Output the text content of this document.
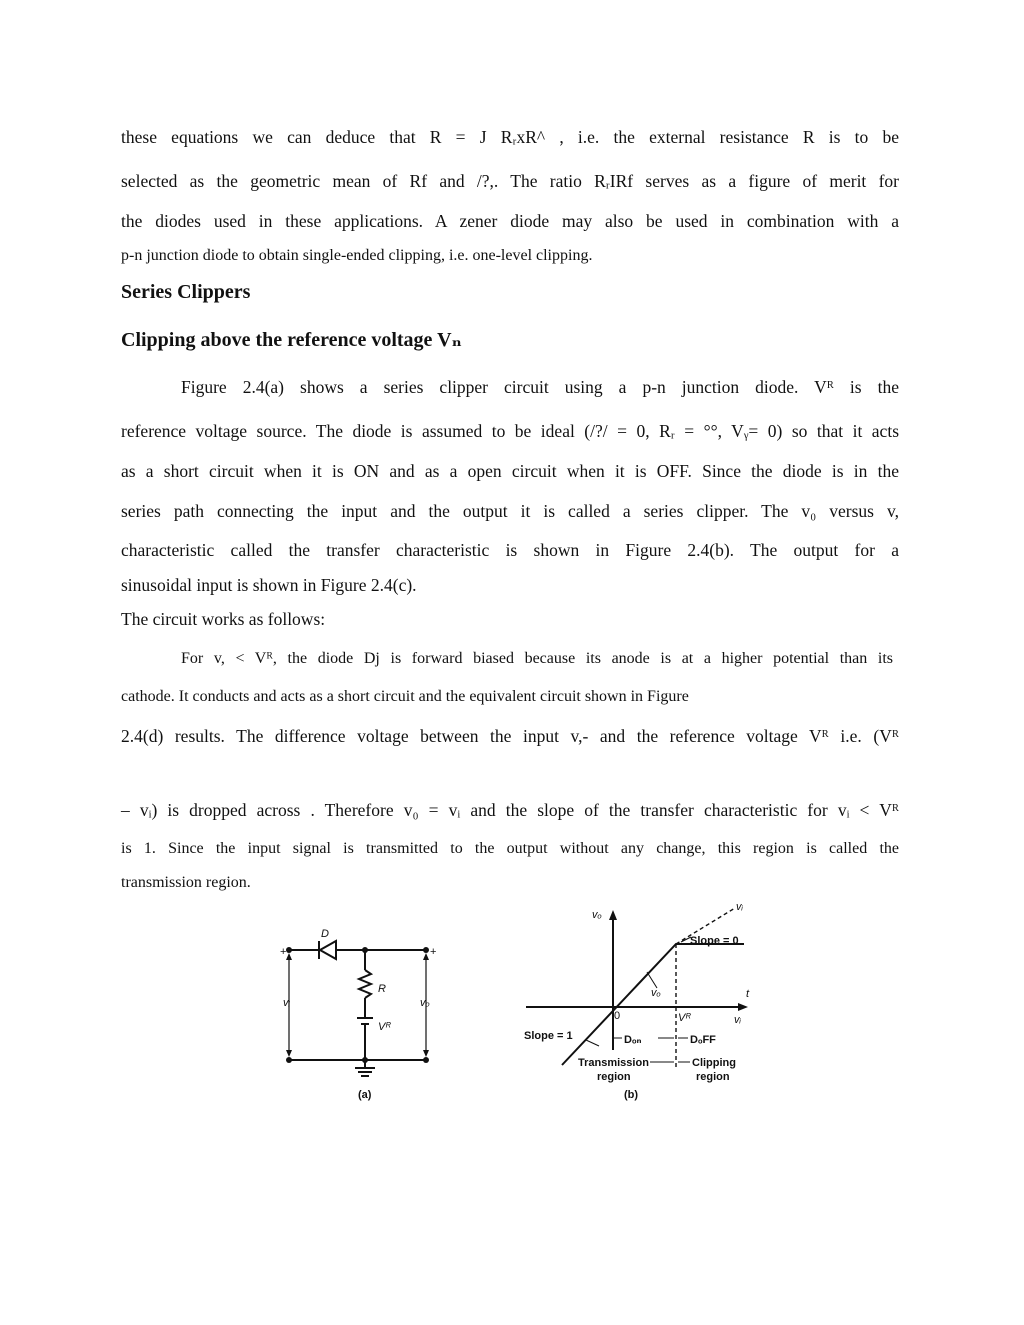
these equations we can deduce that R = J RᵣxR^ , i.e. the external resistance R is to be
selected as the geometric mean of Rf and /?,. The ratio RᵣIRf serves as a figure of merit for
the diodes used in these applications. A zener diode may also be used in combination with a
p-n junction diode to obtain single-ended clipping, i.e. one-level clipping.
Series Clippers
Clipping above the reference voltage Vₙ
Figure 2.4(a) shows a series clipper circuit using a p-n junction diode. Vᴿ is the
reference voltage source. The diode is assumed to be ideal (/?/ = 0, Rᵣ = °°, Vᵧ= 0) so that it acts
as a short circuit when it is ON and as a open circuit when it is OFF. Since the diode is in the
series path connecting the input and the output it is called a series clipper. The v₀ versus v,
characteristic called the transfer characteristic is shown in Figure 2.4(b). The output for a
sinusoidal input is shown in Figure 2.4(c).
The circuit works as follows:
For v, < Vᴿ, the diode Dj is forward biased because its anode is at a higher potential than its
cathode. It conducts and acts as a short circuit and the equivalent circuit shown in Figure
2.4(d) results. The difference voltage between the input v,- and the reference voltage Vᴿ i.e. (Vᴿ
– vᵢ) is dropped across . Therefore v₀ = vᵢ and the slope of the transfer characteristic for vᵢ < Vᴿ
is 1. Since the input signal is transmitted to the output without any change, this region is called the
transmission region.
D
+	+
vᵢ	vₒ
R
Vᴿ
(a)
vₒ
vᵢ
Slope = 0
vₒ
0	Vᴿ
t
vᵢ
Slope = 1	Dₒₙ	DₒFF
Transmission
region
Clipping
region
(b)
